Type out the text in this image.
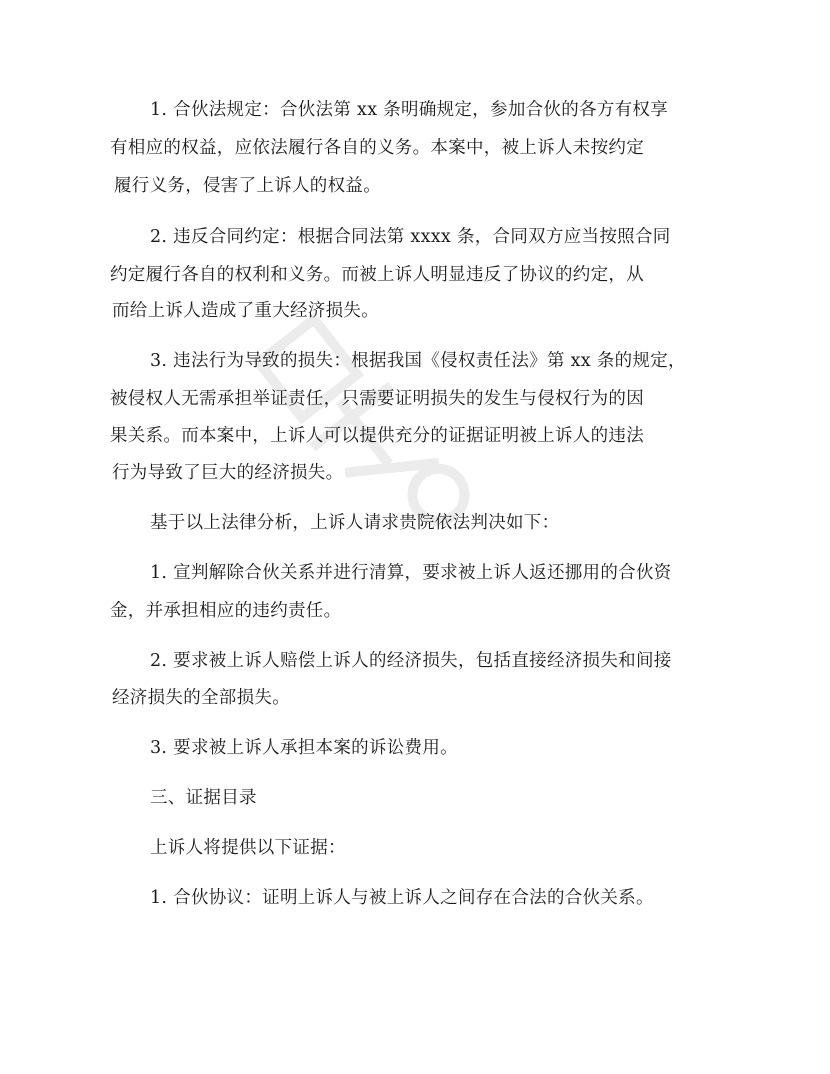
1. 合伙法规定：合伙法第 xx 条明确规定，参加合伙的各方有权享
有相应的权益，应依法履行各自的义务。本案中，被上诉人未按约定
履行义务，侵害了上诉人的权益。
2. 违反合同约定：根据合同法第 xxxx 条，合同双方应当按照合同
约定履行各自的权利和义务。而被上诉人明显违反了协议的约定，从
而给上诉人造成了重大经济损失。
3. 违法行为导致的损失：根据我国《侵权责任法》第 xx 条的规定，
被侵权人无需承担举证责任，只需要证明损失的发生与侵权行为的因
果关系。而本案中，上诉人可以提供充分的证据证明被上诉人的违法
行为导致了巨大的经济损失。
基于以上法律分析，上诉人请求贵院依法判决如下：
1. 宣判解除合伙关系并进行清算，要求被上诉人返还挪用的合伙资
金，并承担相应的违约责任。
2. 要求被上诉人赔偿上诉人的经济损失，包括直接经济损失和间接
经济损失的全部损失。
3. 要求被上诉人承担本案的诉讼费用。
三、证据目录
上诉人将提供以下证据：
1. 合伙协议：证明上诉人与被上诉人之间存在合法的合伙关系。
